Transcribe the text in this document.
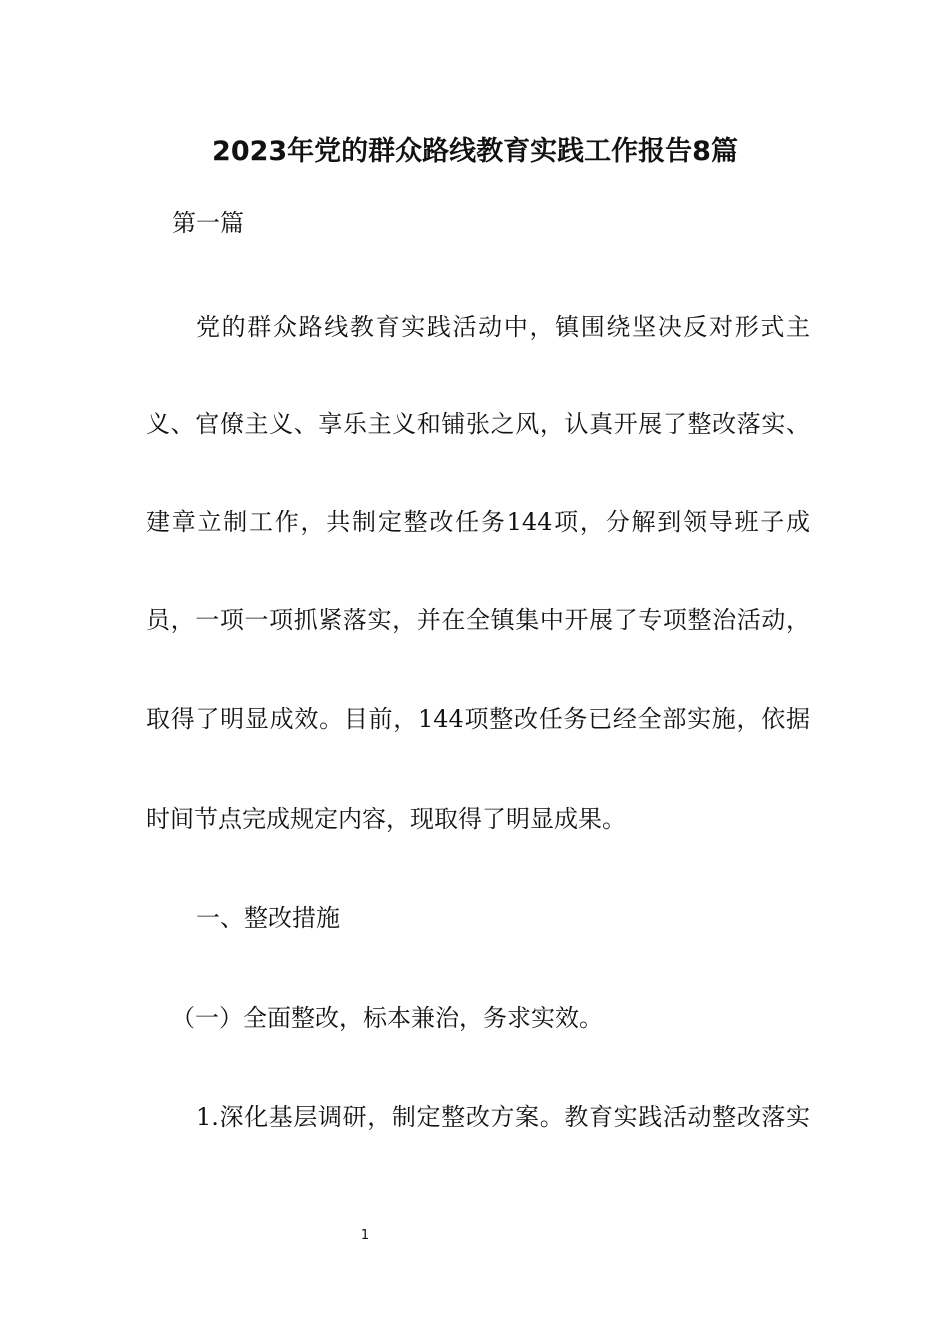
2023年党的群众路线教育实践工作报告8篇
第一篇
党的群众路线教育实践活动中，镇围绕坚决反对形式主
义、官僚主义、享乐主义和铺张之风，认真开展了整改落实、
建章立制工作，共制定整改任务144项，分解到领导班子成
员，一项一项抓紧落实，并在全镇集中开展了专项整治活动，
取得了明显成效。目前，144项整改任务已经全部实施，依据
时间节点完成规定内容，现取得了明显成果。
一、整改措施
（一）全面整改，标本兼治，务求实效。
1.深化基层调研，制定整改方案。教育实践活动整改落实
1
